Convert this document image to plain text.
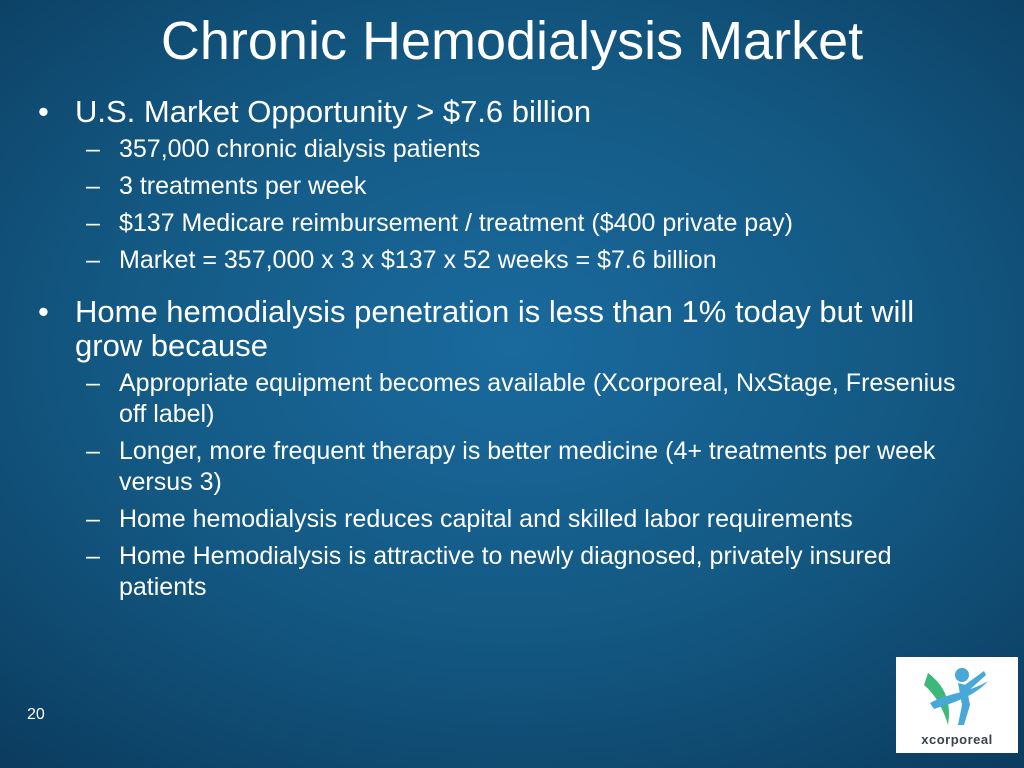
Chronic Hemodialysis Market
• U.S. Market Opportunity > $7.6 billion
– 357,000 chronic dialysis patients
– 3 treatments per week
– $137 Medicare reimbursement / treatment ($400 private pay)
– Market = 357,000 x 3 x $137 x 52 weeks = $7.6 billion
• Home hemodialysis penetration is less than 1% today but will grow because
– Appropriate equipment becomes available (Xcorporeal, NxStage, Fresenius off label)
– Longer, more frequent therapy is better medicine (4+ treatments per week versus 3)
– Home hemodialysis reduces capital and skilled labor requirements
– Home Hemodialysis is attractive to newly diagnosed, privately insured patients
20
xcorporeal
